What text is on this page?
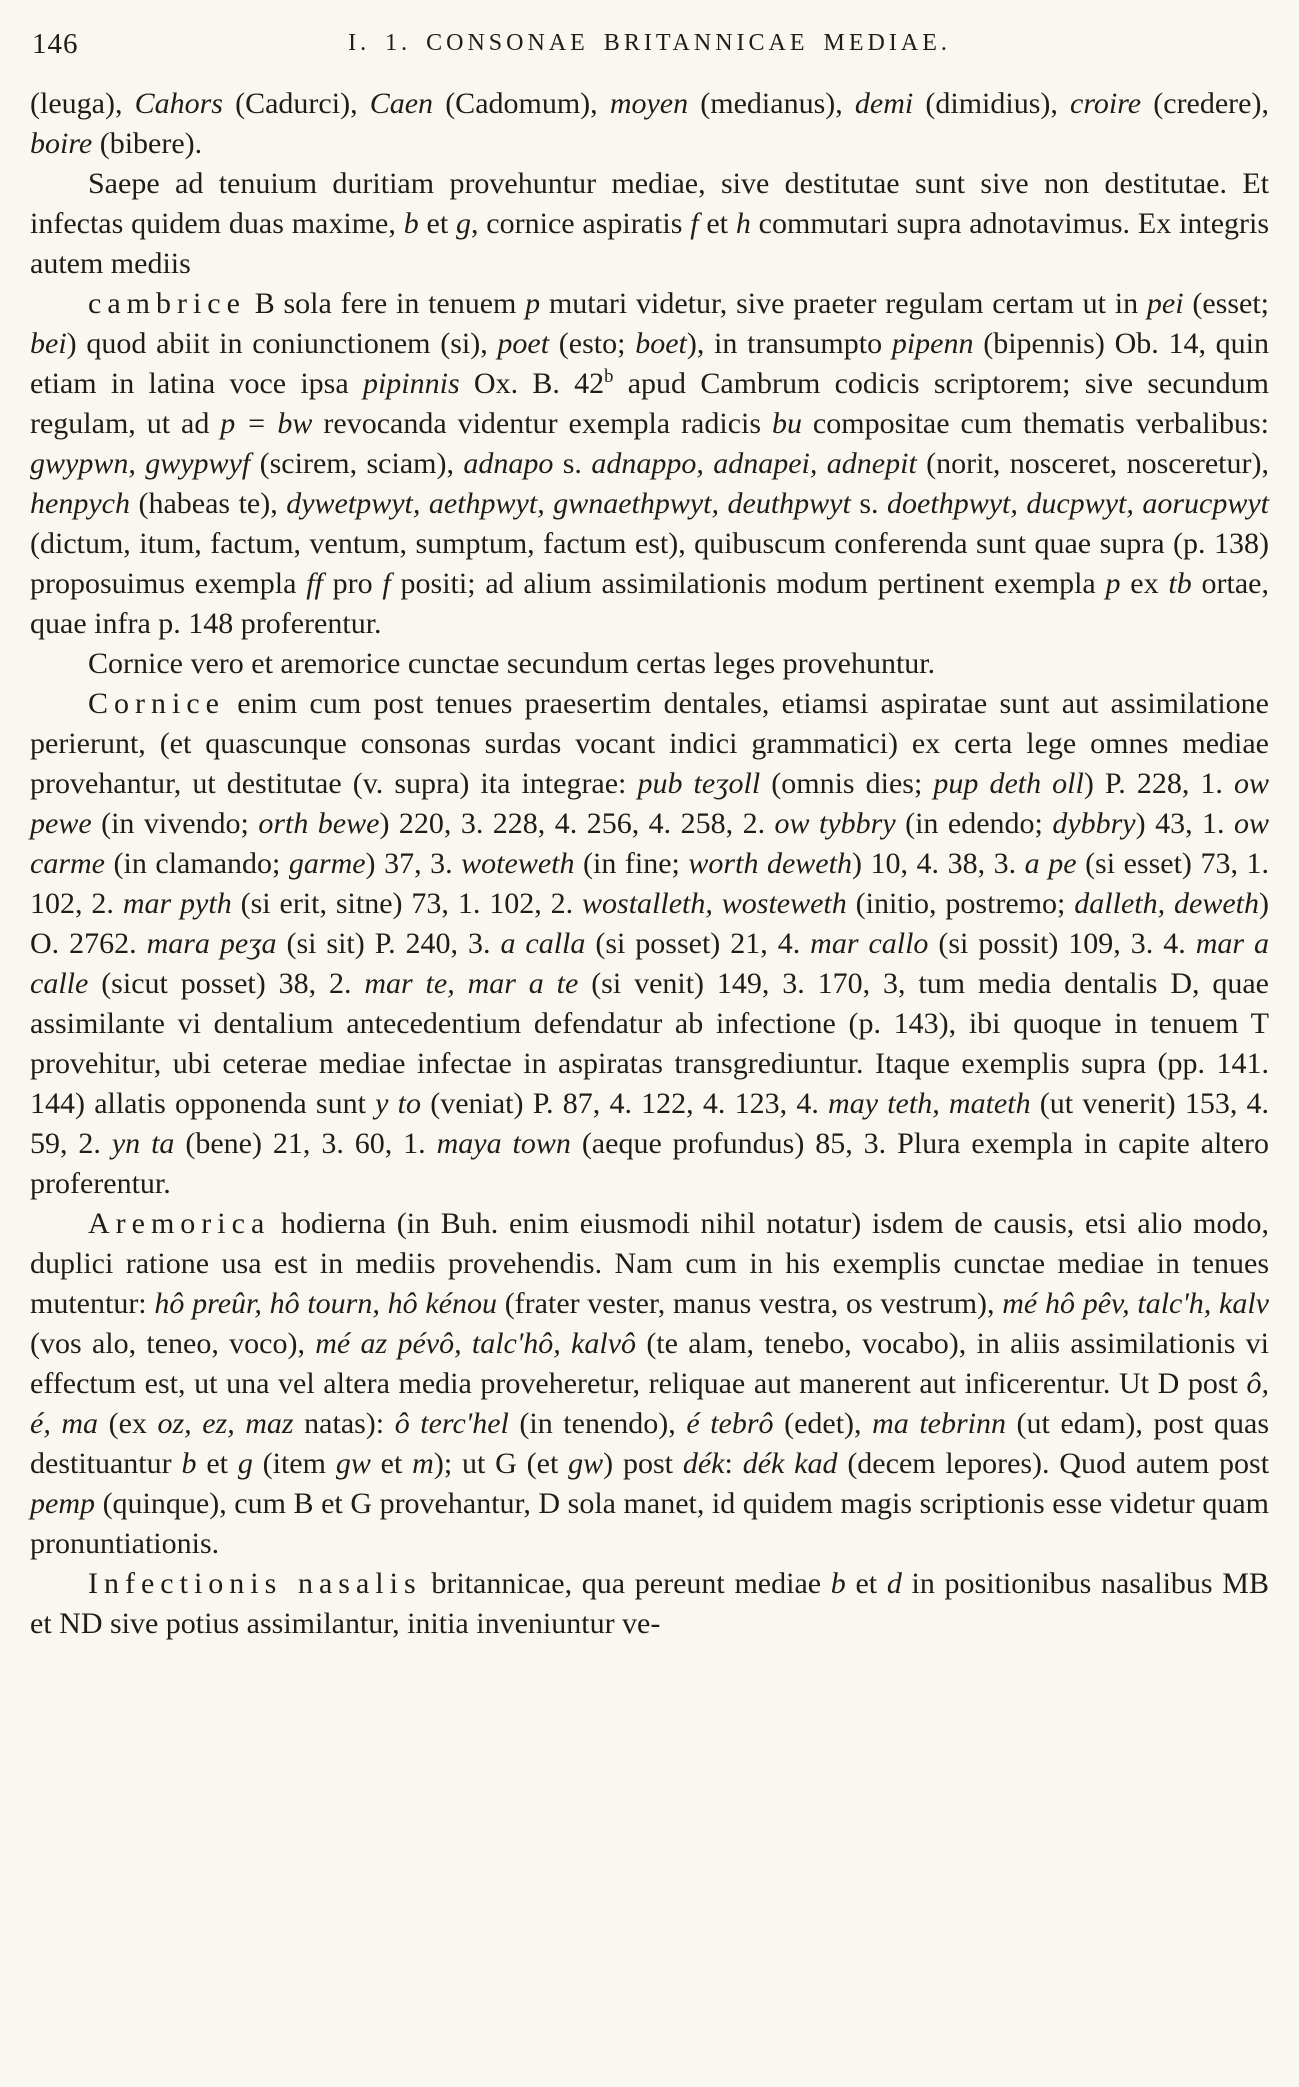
146	I. 1. CONSONAE BRITANNICAE MEDIAE.

(leuga), Cahors (Cadurci), Caen (Cadomum), moyen (medianus), demi (dimidius), croire (credere), boire (bibere).

Saepe ad tenuium duritiam provehuntur mediae, sive destitutae sunt sive non destitutae. Et infectas quidem duas maxime, b et g, cornice aspiratis f et h commutari supra adnotavimus. Ex integris autem mediis

cambrice B sola fere in tenuem p mutari videtur, sive praeter regulam certam ut in pei (esset; bei) quod abiit in coniunctionem (si), poet (esto; boet), in transumpto pipenn (bipennis) Ob. 14, quin etiam in latina voce ipsa pipinnis Ox. B. 42$^b$ apud Cambrum codicis scriptorem; sive secundum regulam, ut ad p = bw revocanda videntur exempla radicis bu compositae cum thematis verbalibus: gwypwn, gwypwyf (scirem, sciam), adnapo s. adnappo, adnapei, adnepit (norit, nosceret, nosceretur), henpych (habeas te), dywetpwyt, aethpwyt, gwnaethpwyt, deuthpwyt s. doethpwyt, ducpwyt, aorucpwyt (dictum, itum, factum, ventum, sumptum, factum est), quibuscum conferenda sunt quae supra (p. 138) proposuimus exempla ff pro f positi; ad alium assimilationis modum pertinent exempla p ex tb ortae, quae infra p. 148 proferentur.

Cornice vero et aremorice cunctae secundum certas leges provehuntur.

Cornice enim cum post tenues praesertim dentales, etiamsi aspiratae sunt aut assimilatione perierunt, (et quascunque consonas surdas vocant indici grammatici) ex certa lege omnes mediae provehantur, ut destitutae (v. supra) ita integrae: pub teʒoll (omnis dies; pup deth oll) P. 228, 1. ow pewe (in vivendo; orth bewe) 220, 3. 228, 4. 256, 4. 258, 2. ow tybbry (in edendo; dybbry) 43, 1. ow carme (in clamando; garme) 37, 3. woteweth (in fine; worth deweth) 10, 4. 38, 3. a pe (si esset) 73, 1. 102, 2. mar pyth (si erit, sitne) 73, 1. 102, 2. wostalleth, wosteweth (initio, postremo; dalleth, deweth) O. 2762. mara peʒa (si sit) P. 240, 3. a calla (si posset) 21, 4. mar callo (si possit) 109, 3. 4. mar a calle (sicut posset) 38, 2. mar te, mar a te (si venit) 149, 3. 170, 3, tum media dentalis D, quae assimilante vi dentalium antecedentium defendatur ab infectione (p. 143), ibi quoque in tenuem T provehitur, ubi ceterae mediae infectae in aspiratas transgrediuntur. Itaque exemplis supra (pp. 141. 144) allatis opponenda sunt y to (veniat) P. 87, 4. 122, 4. 123, 4. may teth, mateth (ut venerit) 153, 4. 59, 2. yn ta (bene) 21, 3. 60, 1. maya town (aeque profundus) 85, 3. Plura exempla in capite altero proferentur.

Aremorica hodierna (in Buh. enim eiusmodi nihil notatur) isdem de causis, etsi alio modo, duplici ratione usa est in mediis provehendis. Nam cum in his exemplis cunctae mediae in tenues mutentur: hô preûr, hô tourn, hô kénou (frater vester, manus vestra, os vestrum), mé hô pêv, talc'h, kalv (vos alo, teneo, voco), mé az pévô, talc'hô, kalvô (te alam, tenebo, vocabo), in aliis assimilationis vi effectum est, ut una vel altera media proveheretur, reliquae aut manerent aut inficerentur. Ut D post ô, é, ma (ex oz, ez, maz natas): ô terc'hel (in tenendo), é tebrô (edet), ma tebrinn (ut edam), post quas destituantur b et g (item gw et m); ut G (et gw) post dék: dék kad (decem lepores). Quod autem post pemp (quinque), cum B et G provehantur, D sola manet, id quidem magis scriptionis esse videtur quam pronuntiationis.

Infectionis nasalis britannicae, qua pereunt mediae b et d in positionibus nasalibus MB et ND sive potius assimilantur, initia inveniuntur ve-
